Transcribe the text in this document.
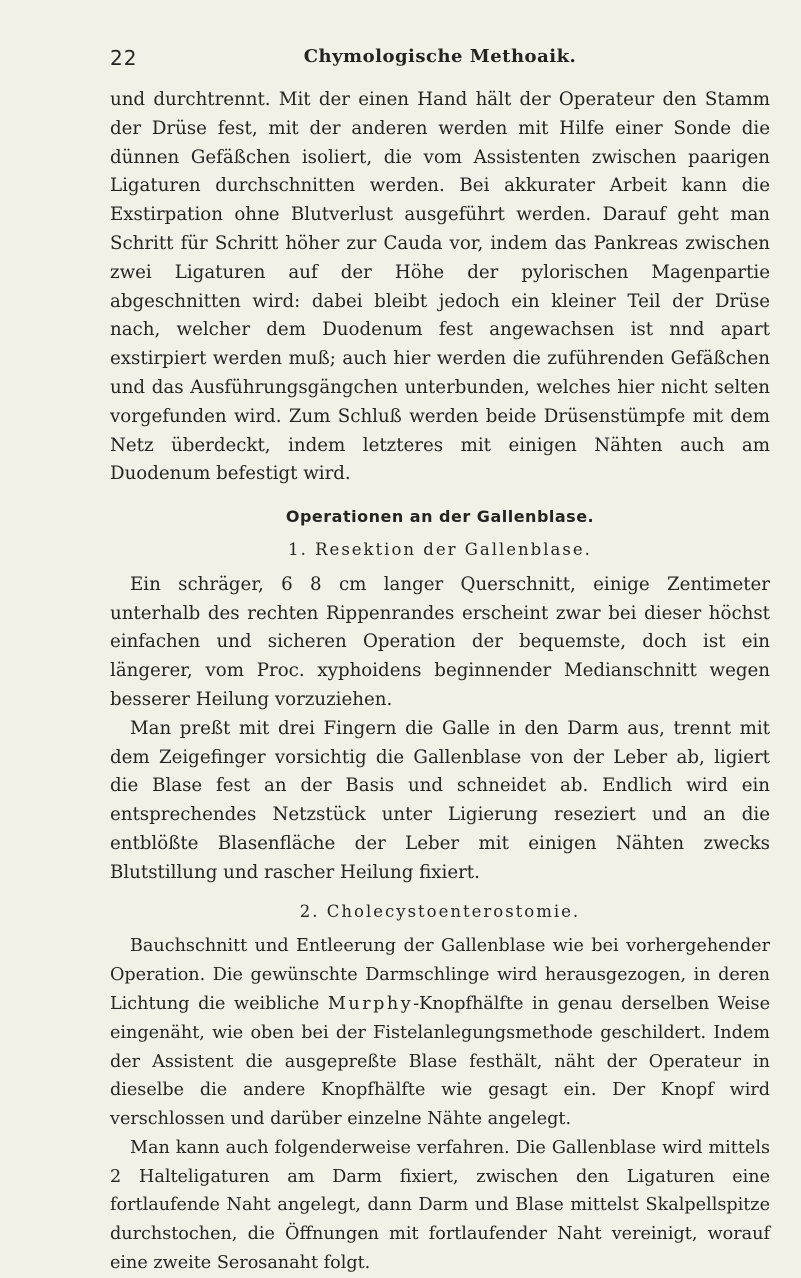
22	Chymologische Methoaik.

und durchtrennt. Mit der einen Hand hält der Operateur den Stamm der Drüse fest, mit der anderen werden mit Hilfe einer Sonde die dünnen Gefäßchen isoliert, die vom Assistenten zwischen paarigen Ligaturen durchschnitten werden. Bei akkurater Arbeit kann die Exstirpation ohne Blutverlust ausgeführt werden. Darauf geht man Schritt für Schritt höher zur Cauda vor, indem das Pankreas zwischen zwei Ligaturen auf der Höhe der pylorischen Magenpartie abgeschnitten wird: dabei bleibt jedoch ein kleiner Teil der Drüse nach, welcher dem Duodenum fest angewachsen ist nnd apart exstirpiert werden muß; auch hier werden die zuführenden Gefäßchen und das Ausführungsgängchen unterbunden, welches hier nicht selten vorgefunden wird. Zum Schluß werden beide Drüsenstümpfe mit dem Netz überdeckt, indem letzteres mit einigen Nähten auch am Duodenum befestigt wird.

Operationen an der Gallenblase.
1. Resektion der Gallenblase.

Ein schräger, 6 8 cm langer Querschnitt, einige Zentimeter unterhalb des rechten Rippenrandes erscheint zwar bei dieser höchst einfachen und sicheren Operation der bequemste, doch ist ein längerer, vom Proc. xyphoidens beginnender Medianschnitt wegen besserer Heilung vorzuziehen.

Man preßt mit drei Fingern die Galle in den Darm aus, trennt mit dem Zeigefinger vorsichtig die Gallenblase von der Leber ab, ligiert die Blase fest an der Basis und schneidet ab. Endlich wird ein entsprechendes Netzstück unter Ligierung reseziert und an die entblößte Blasenfläche der Leber mit einigen Nähten zwecks Blutstillung und rascher Heilung fixiert.

2. Cholecystoenterostomie.

Bauchschnitt und Entleerung der Gallenblase wie bei vorhergehender Operation. Die gewünschte Darmschlinge wird herausgezogen, in deren Lichtung die weibliche Murphy-Knopfhälfte in genau derselben Weise eingenäht, wie oben bei der Fistelanlegungsmethode geschildert. Indem der Assistent die ausgepreßte Blase festhält, näht der Operateur in dieselbe die andere Knopfhälfte wie gesagt ein. Der Knopf wird verschlossen und darüber einzelne Nähte angelegt.

Man kann auch folgenderweise verfahren. Die Gallenblase wird mittels 2 Halteligaturen am Darm fixiert, zwischen den Ligaturen eine fortlaufende Naht angelegt, dann Darm und Blase mittelst Skalpellspitze durchstochen, die Öffnungen mit fortlaufender Naht vereinigt, worauf eine zweite Serosanaht folgt.
